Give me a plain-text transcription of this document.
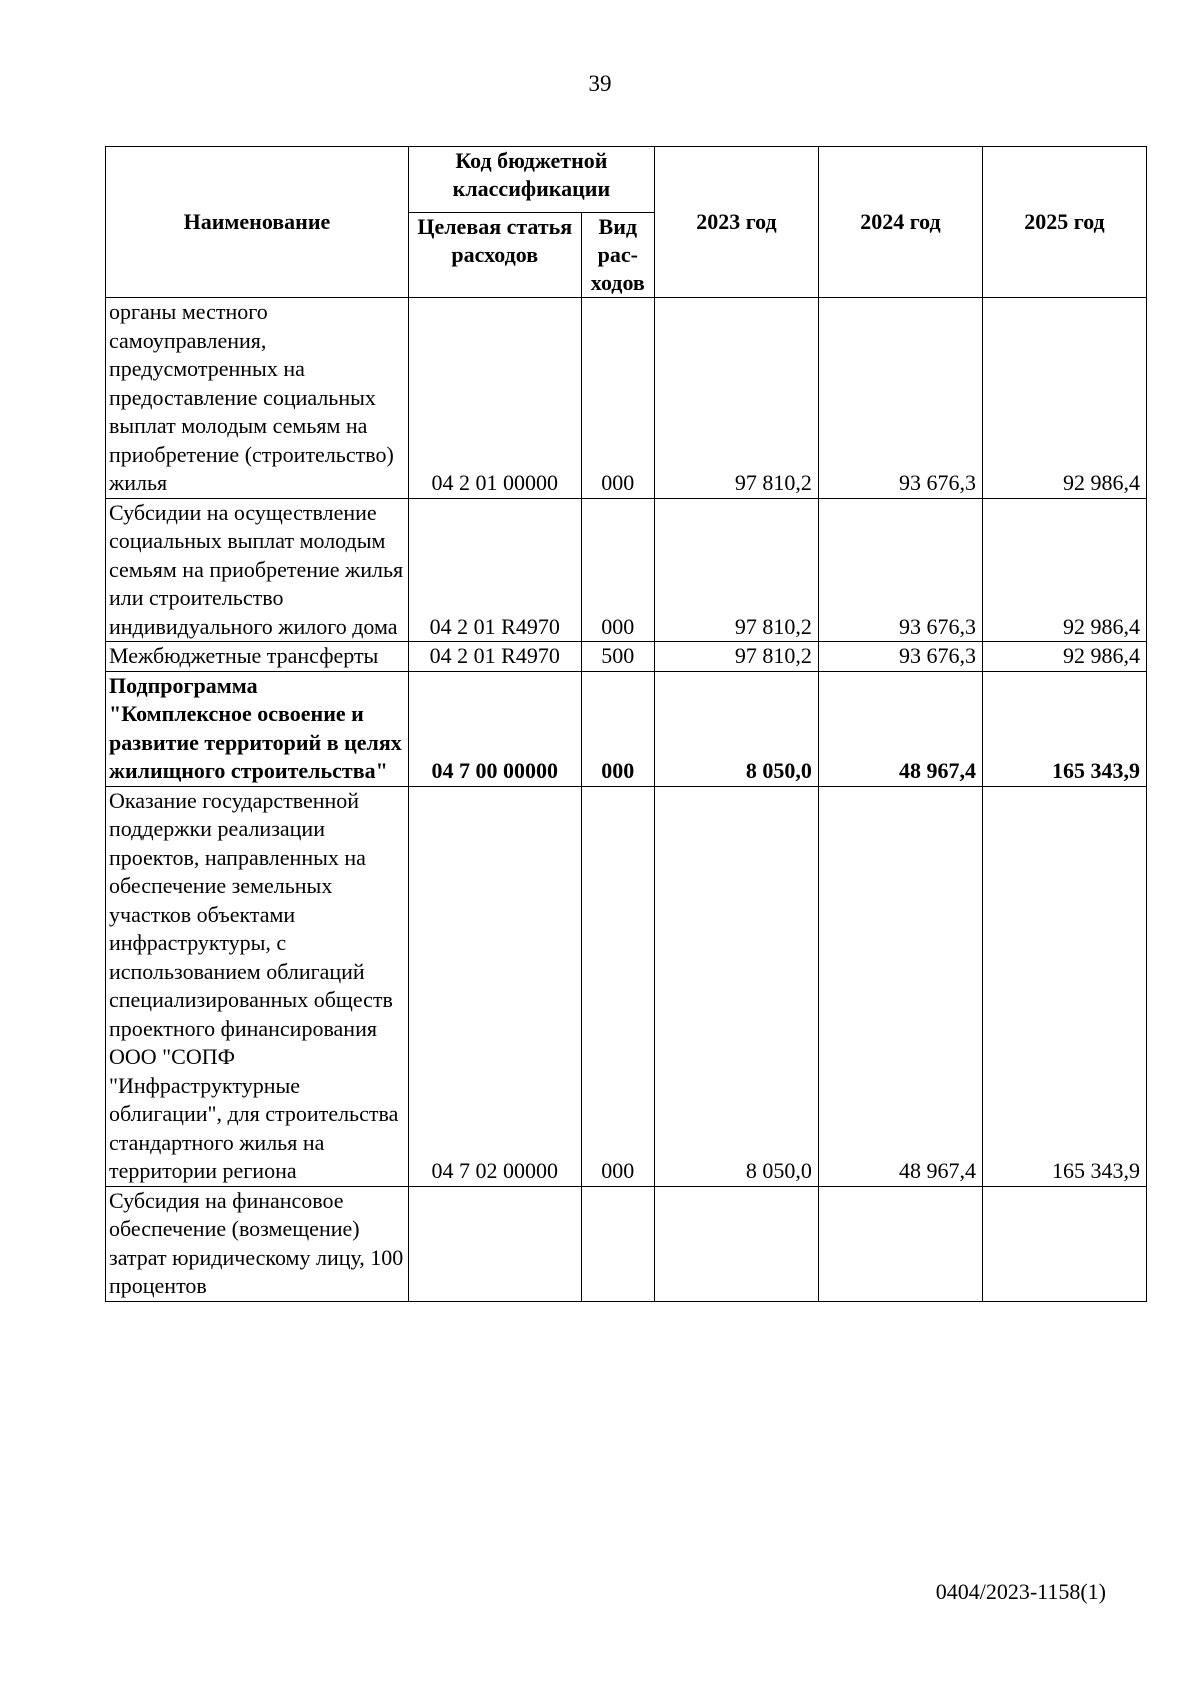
39
Наименование	Код бюджетной классификации		2023 год	2024 год	2025 год
	Целевая статья расходов	Вид рас-ходов			
органы местного самоуправления, предусмотренных на предоставление социальных выплат молодым семьям на приобретение (строительство) жилья	04 2 01 00000	000	97 810,2	93 676,3	92 986,4
Субсидии на осуществление социальных выплат молодым семьям на приобретение жилья или строительство индивидуального жилого дома	04 2 01 R4970	000	97 810,2	93 676,3	92 986,4
Межбюджетные трансферты	04 2 01 R4970	500	97 810,2	93 676,3	92 986,4
Подпрограмма "Комплексное освоение и развитие территорий в целях жилищного строительства"	04 7 00 00000	000	8 050,0	48 967,4	165 343,9
Оказание государственной поддержки реализации проектов, направленных на обеспечение земельных участков объектами инфраструктуры, с использованием облигаций специализированных обществ проектного финансирования ООО "СОПФ "Инфраструктурные облигации", для строительства стандартного жилья на территории региона	04 7 02 00000	000	8 050,0	48 967,4	165 343,9
Субсидия на финансовое обеспечение (возмещение) затрат юридическому лицу, 100 процентов					
0404/2023-1158(1)
